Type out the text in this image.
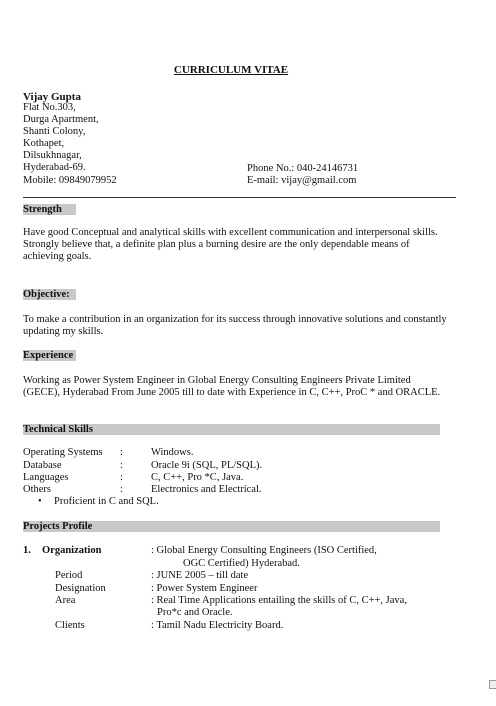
CURRICULUM VITAE
Vijay Gupta
Flat No.303,
Durga Apartment,
Shanti Colony,
Kothapet,
Dilsukhnagar,
Hyderabad-69.
Mobile: 09849079952
Phone No.: 040-24146731
E-mail: vijay@gmail.com
Strength
Have good Conceptual and analytical skills with excellent communication and interpersonal skills.
Strongly believe that, a definite plan plus a burning desire are the only dependable means of achieving goals.
Objective:
To make a contribution in an organization for its success through innovative solutions and constantly updating my skills.
Experience
Working as Power System Engineer in Global Energy Consulting Engineers Private Limited (GECE), Hyderabad From June 2005 till to date with Experience in C, C++, ProC * and ORACLE.
Technical Skills
Operating Systems :	Windows.
Database	:	Oracle 9i (SQL, PL/SQL).
Languages	:	C, C++, Pro *C, Java.
Others	:	Electronics and Electrical.
• Proficient in C and SQL.
Projects Profile
1. Organization	: Global Energy Consulting Engineers (ISO Certified,
OGC Certified) Hyderabad.
Period	: JUNE 2005 – till date
Designation	: Power System Engineer
Area	: Real Time Applications entailing the skills of C, C++, Java,
Pro*c and Oracle.
Clients	: Tamil Nadu Electricity Board.
